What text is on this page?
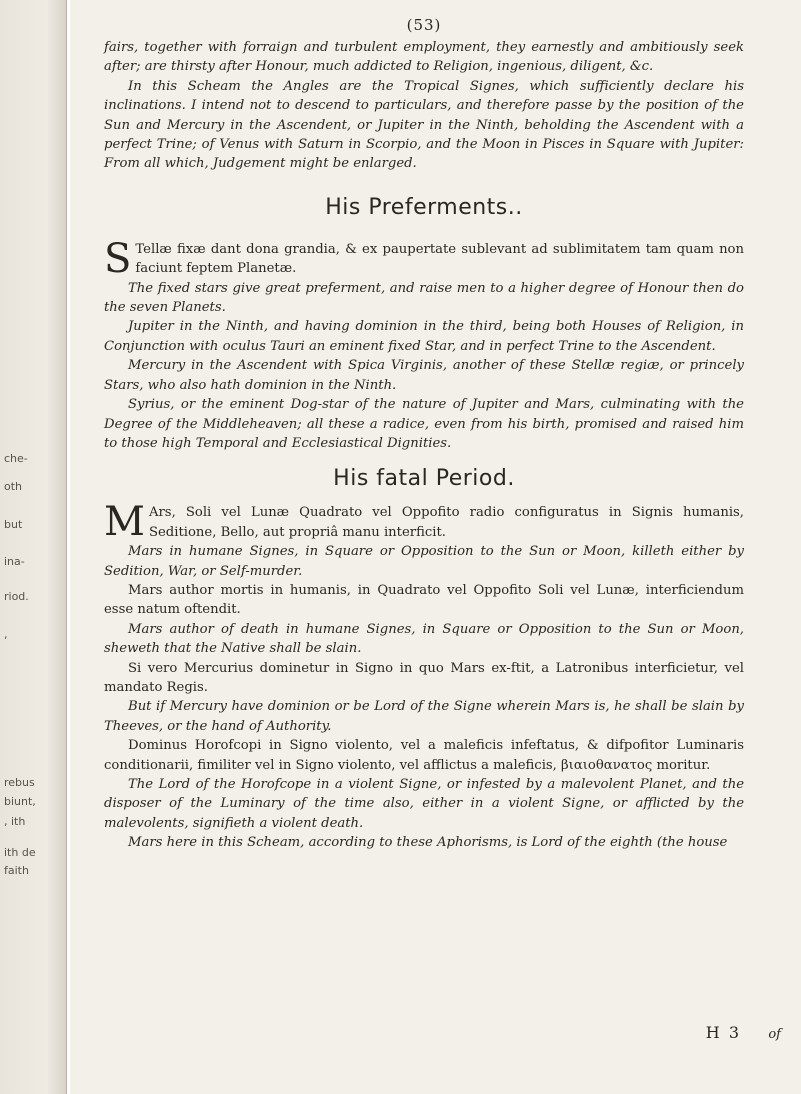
che-
oth
but
ina-
riod.
,
rebus
biunt,
, ith
ith de
faith
(53)

fairs, together with forraign and turbulent employment, they earnestly and ambitiously seek after; are thirsty after Honour, much addicted to Religion, ingenious, diligent, &c.

In this Scheam the Angles are the Tropical Signes, which sufficiently declare his inclinations. I intend not to descend to particulars, and therefore passe by the position of the Sun and Mercury in the Ascendent, or Jupiter in the Ninth, beholding the Ascendent with a perfect Trine; of Venus with Saturn in Scorpio, and the Moon in Pisces in Square with Jupiter: From all which, Judgement might be enlarged.

His Preferments..

S Tellæ fixæ dant dona grandia, & ex paupertate sublevant ad sublimitatem tam quam non faciunt feptem Planetæ.

The fixed stars give great preferment, and raise men to a higher degree of Honour then do the seven Planets.

Jupiter in the Ninth, and having dominion in the third, being both Houses of Religion, in Conjunction with oculus Tauri an eminent fixed Star, and in perfect Trine to the Ascendent.

Mercury in the Ascendent with Spica Virginis, another of these Stellæ regiæ, or princely Stars, who also hath dominion in the Ninth.

Syrius, or the eminent Dog-star of the nature of Jupiter and Mars, culminating with the Degree of the Middleheaven; all these a radice, even from his birth, promised and raised him to those high Temporal and Ecclesiastical Dignities.

His fatal Period.

M Ars, Soli vel Lunæ Quadrato vel Oppofito radio configuratus in Signis humanis, Seditione, Bello, aut propriâ manu interficit.

Mars in humane Signes, in Square or Opposition to the Sun or Moon, killeth either by Sedition, War, or Self-murder.

Mars author mortis in humanis, in Quadrato vel Oppofito Soli vel Lunæ, interficiendum esse natum oftendit.

Mars author of death in humane Signes, in Square or Opposition to the Sun or Moon, sheweth that the Native shall be slain.

Si vero Mercurius dominetur in Signo in quo Mars ex-ftit, a Latronibus interficietur, vel mandato Regis.

But if Mercury have dominion or be Lord of the Signe wherein Mars is, he shall be slain by Theeves, or the hand of Authority.

Dominus Horofcopi in Signo violento, vel a maleficis infeftatus, & difpofitor Luminaris conditionarii, fimiliter vel in Signo violento, vel afflictus a maleficis, βιαιοθανατος moritur.

The Lord of the Horofcope in a violent Signe, or infested by a malevolent Planet, and the disposer of the Luminary of the time also, either in a violent Signe, or afflicted by the malevolents, signifieth a violent death.

Mars here in this Scheam, according to these Aphorisms, is Lord of the eighth (the house

H 3 of
